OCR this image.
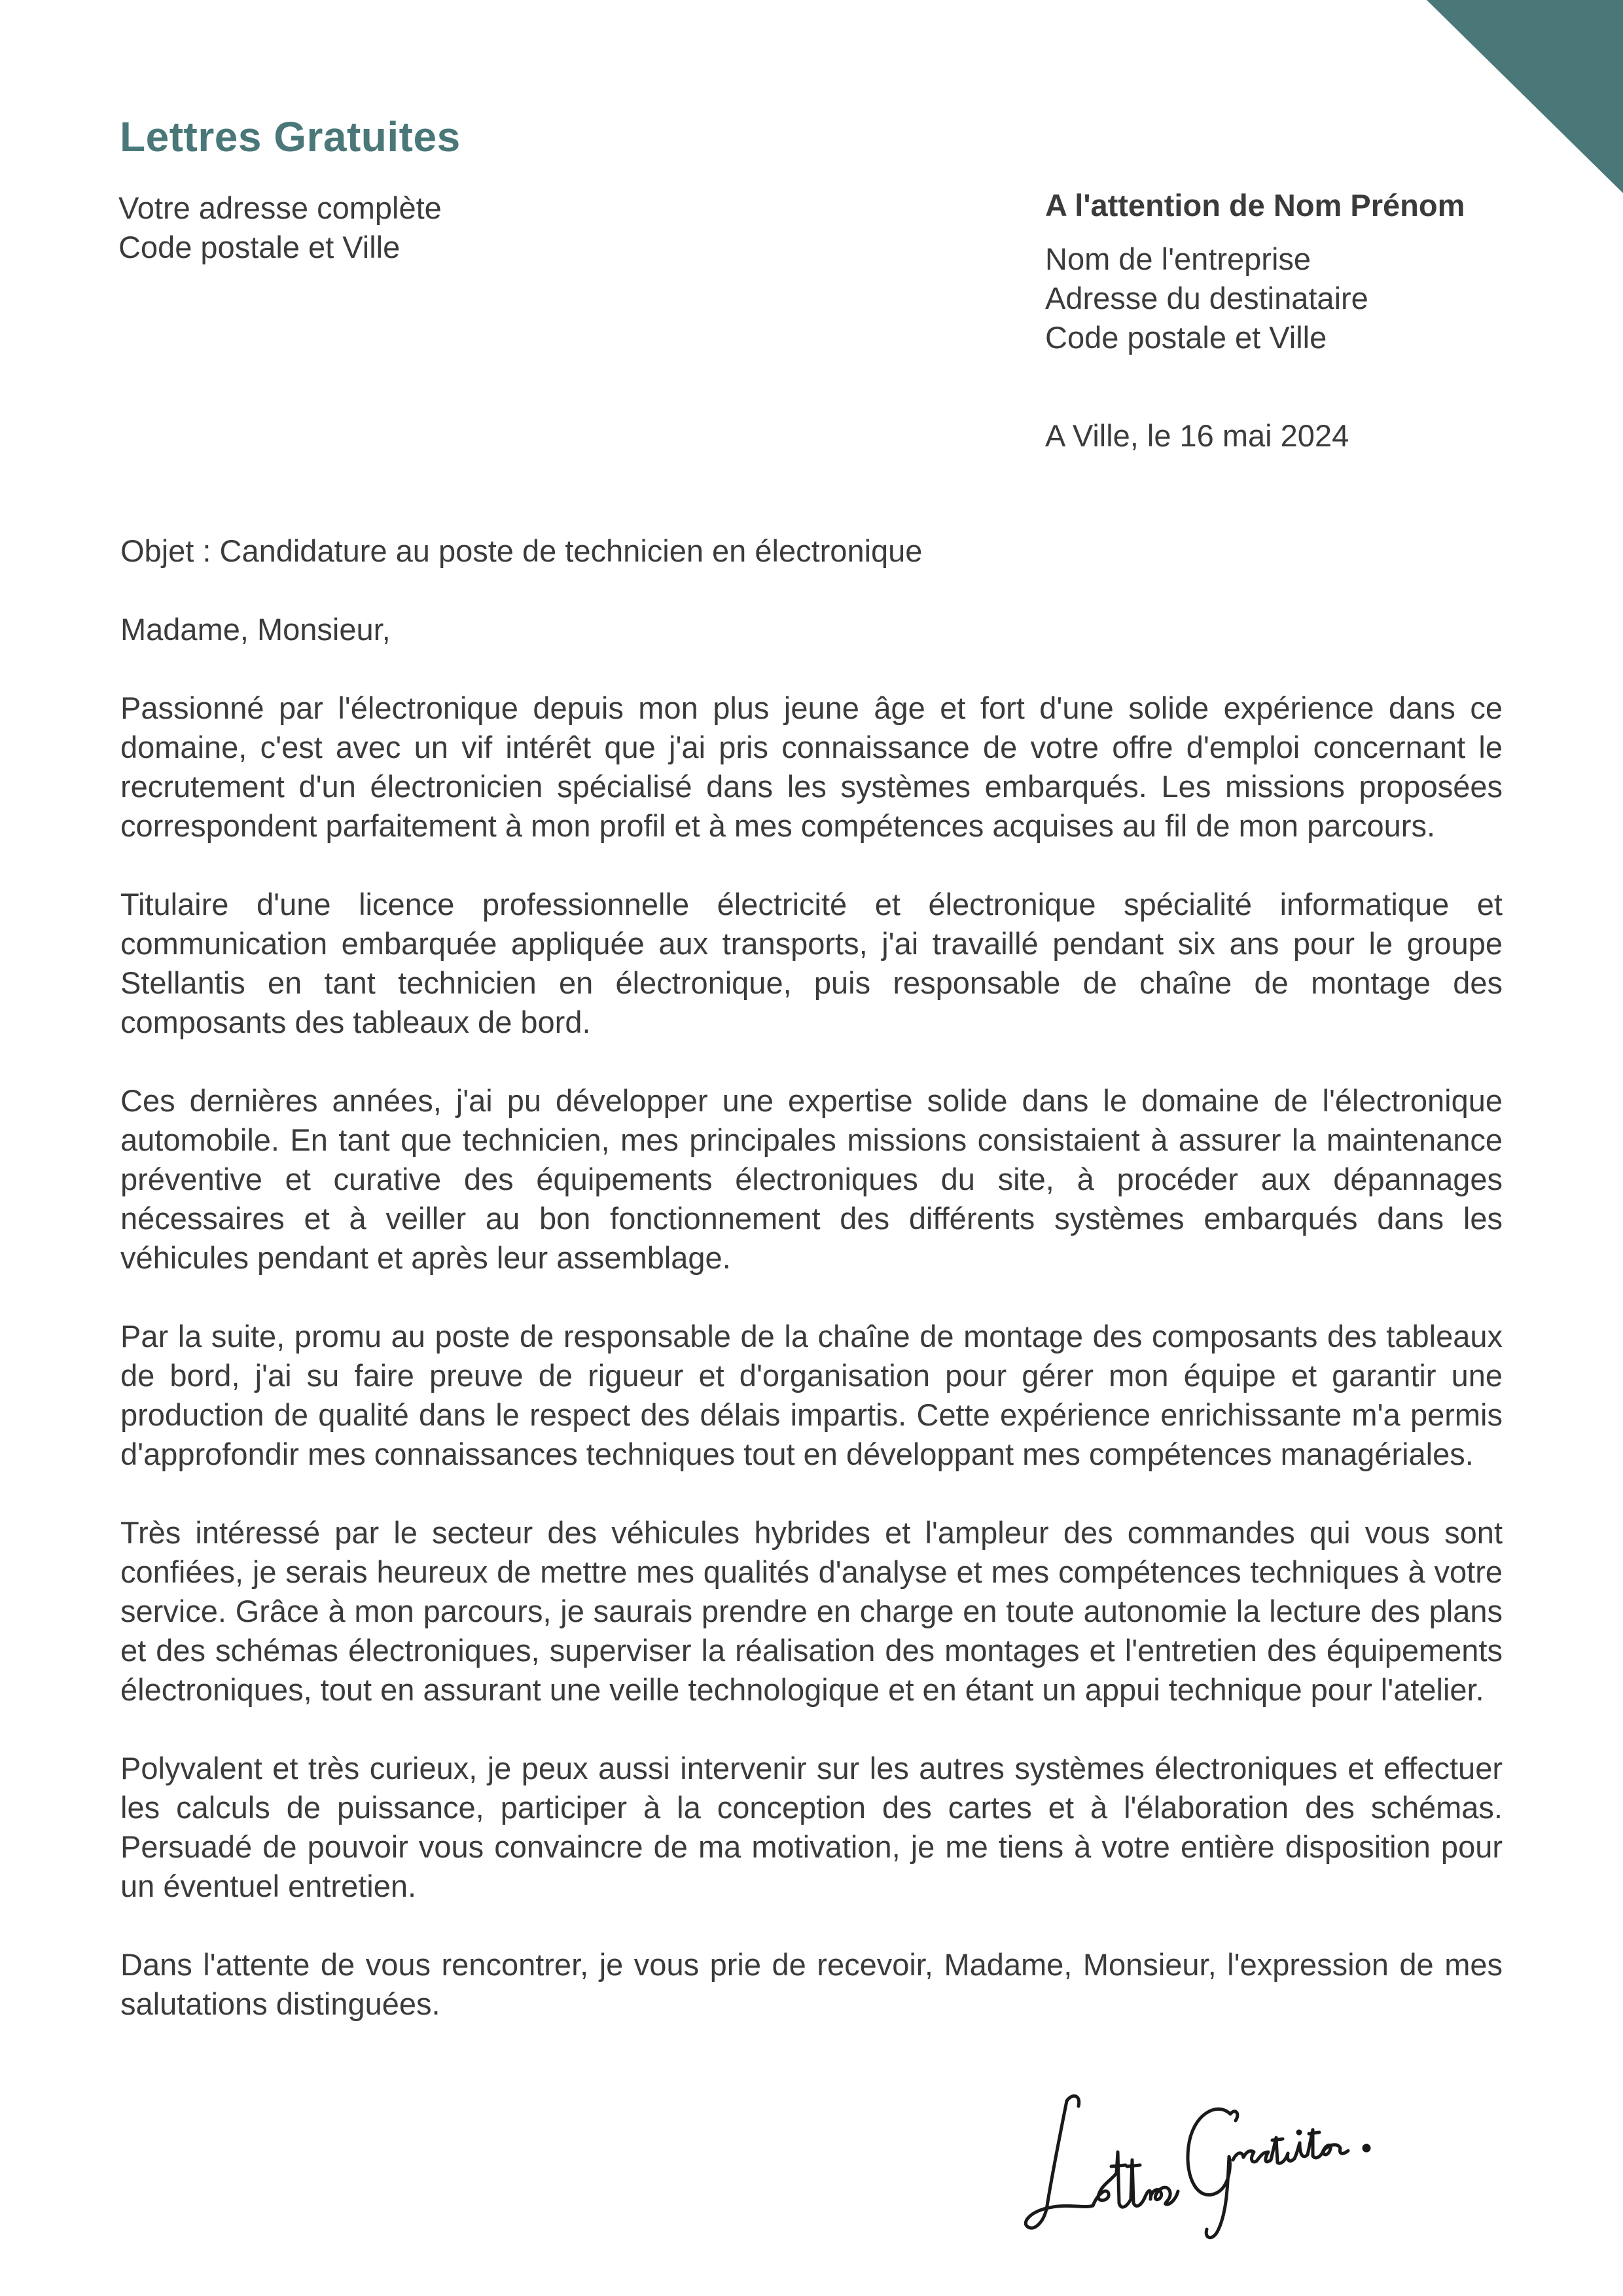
Lettres Gratuites
Votre adresse complète
Code postale et Ville
A l'attention de Nom Prénom
Nom de l'entreprise
Adresse du destinataire
Code postale et Ville
A Ville, le 16 mai 2024

Objet : Candidature au poste de technicien en électronique

Madame, Monsieur,

Passionné par l'électronique depuis mon plus jeune âge et fort d'une solide expérience dans ce domaine, c'est avec un vif intérêt que j'ai pris connaissance de votre offre d'emploi concernant le recrutement d'un électronicien spécialisé dans les systèmes embarqués. Les missions proposées correspondent parfaitement à mon profil et à mes compétences acquises au fil de mon parcours.

Titulaire d'une licence professionnelle électricité et électronique spécialité informatique et communication embarquée appliquée aux transports, j'ai travaillé pendant six ans pour le groupe Stellantis en tant technicien en électronique, puis responsable de chaîne de montage des composants des tableaux de bord.

Ces dernières années, j'ai pu développer une expertise solide dans le domaine de l'électronique automobile. En tant que technicien, mes principales missions consistaient à assurer la maintenance préventive et curative des équipements électroniques du site, à procéder aux dépannages nécessaires et à veiller au bon fonctionnement des différents systèmes embarqués dans les véhicules pendant et après leur assemblage.

Par la suite, promu au poste de responsable de la chaîne de montage des composants des tableaux de bord, j'ai su faire preuve de rigueur et d'organisation pour gérer mon équipe et garantir une production de qualité dans le respect des délais impartis. Cette expérience enrichissante m'a permis d'approfondir mes connaissances techniques tout en développant mes compétences managériales.

Très intéressé par le secteur des véhicules hybrides et l'ampleur des commandes qui vous sont confiées, je serais heureux de mettre mes qualités d'analyse et mes compétences techniques à votre service. Grâce à mon parcours, je saurais prendre en charge en toute autonomie la lecture des plans et des schémas électroniques, superviser la réalisation des montages et l'entretien des équipements électroniques, tout en assurant une veille technologique et en étant un appui technique pour l'atelier.

Polyvalent et très curieux, je peux aussi intervenir sur les autres systèmes électroniques et effectuer les calculs de puissance, participer à la conception des cartes et à l'élaboration des schémas. Persuadé de pouvoir vous convaincre de ma motivation, je me tiens à votre entière disposition pour un éventuel entretien.

Dans l'attente de vous rencontrer, je vous prie de recevoir, Madame, Monsieur, l'expression de mes salutations distinguées.
